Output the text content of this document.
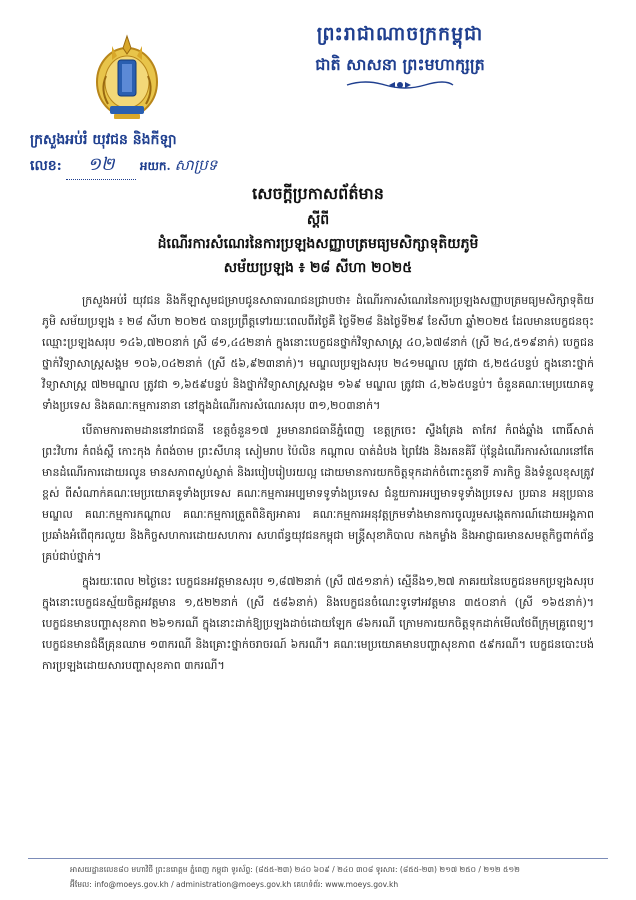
ព្រះរាជាណាចក្រកម្ពុជា
ជាតិ សាសនា ព្រះមហាក្សត្រ
ក្រសួងអប់រំ យុវជន និងកីឡា
លេខ:	១២	អយក. សាប្រទ
សេចក្តីប្រកាសព័ត៌មាន
ស្តីពី
ដំណើរការសំណេរនៃការប្រឡងសញ្ញាបត្រមធ្យមសិក្សាទុតិយភូមិ
សម័យប្រឡង ៖ ២៨ សីហា ២០២៥

ក្រសួងអប់រំ យុវជន និងកីឡាសូមជម្រាបជូនសាធារណជនជ្រាបថា៖ ដំណើរការសំណេរនៃការប្រឡងសញ្ញាបត្រមធ្យមសិក្សាទុតិយភូមិ សម័យប្រឡង ៖ ២៨ សីហា ២០២៥ បានប្រព្រឹត្តទៅរយៈពេលពីរថ្ងៃគឺ ថ្ងៃទី២៨ និងថ្ងៃទី២៩ ខែសីហា ឆ្នាំ២០២៥ ដែលមានបេក្ខជនចុះឈ្មោះប្រឡងសរុប ១៤៦,៧២០នាក់ ស្រី ៨១,៤៤២នាក់ ក្នុងនោះបេក្ខជនថ្នាក់វិទ្យាសាស្ត្រ ៤០,៦៧៨នាក់ (ស្រី ២៤,៥១៩នាក់) បេក្ខជនថ្នាក់វិទ្យាសាស្ត្រសង្គម ១០៦,០៤២នាក់ (ស្រី ៥៦,៩២៣នាក់)។ មណ្ឌលប្រឡងសរុប ២៤១មណ្ឌល ត្រូវជា ៥,២៥៤បន្ទប់ ក្នុងនោះថ្នាក់វិទ្យាសាស្ត្រ ៧២មណ្ឌល ត្រូវជា ១,៦៥៩បន្ទប់ និងថ្នាក់វិទ្យាសាស្ត្រសង្គម ១៦៩ មណ្ឌល ត្រូវជា ៤,២៦៥បន្ទប់។ ចំនួនគណៈមេប្រយោគទូទាំងប្រទេស និងគណៈកម្មការនានា នៅក្នុងដំណើរការសំណេរសរុប ៣១,២០៣នាក់។

បើតាមការតាមដាននៅរាជធានី ខេត្តចំនួន១៧ រួមមានរាជធានីភ្នំពេញ ខេត្តក្រចេះ ស្ទឹងត្រែង តាកែវ កំពង់ឆ្នាំង ពោធិ៍សាត់ ព្រះវិហារ កំពង់ស្ពឺ កោះកុង កំពង់ចាម ព្រះសីហនុ សៀមរាប ប៉ៃលិន កណ្តាល បាត់ដំបង ព្រៃវែង និងរតនគិរី ប៉ុន្តែដំណើរការសំណេរនៅតែមានដំណើរការដោយរលូន មានសភាពស្ងប់ស្ងាត់ និងរបៀបរៀបរយល្អ ដោយមានការយកចិត្តទុកដាក់ចំពោះតួនាទី ភារកិច្ច និងទំនួលខុសត្រូវខ្ពស់ ពីសំណាក់គណៈមេប្រយោគទូទាំងប្រទេស គណៈកម្មការអប្បមាទទូទាំងប្រទេស ជំនួយការអប្បមាទទូទាំងប្រទេស ប្រធាន អនុប្រធានមណ្ឌល គណៈកម្មការកណ្តាល គណៈកម្មការត្រួតពិនិត្យអាគារ គណៈកម្មការអនុវត្តក្រមទាំងមានការចូលរួមសង្កេតការណ៍ដោយអង្គភាពប្រឆាំងអំពើពុករលួយ និងកិច្ចសហការដោយសហការ សហព័ន្ធយុវជនកម្ពុជា មន្ត្រីសុខាភិបាល កងកម្លាំង និងអាជ្ញាធរមានសមត្ថកិច្ចពាក់ព័ន្ធគ្រប់ជាប់ថ្នាក់។

ក្នុងរយៈពេល ២ថ្ងៃនេះ បេក្ខជនអវត្តមានសរុប ១,៨៧២នាក់ (ស្រី ៧៥១នាក់) ស្មើនឹង១,២៧ ភាគរយនៃបេក្ខជនមកប្រឡងសរុប ក្នុងនោះបេក្ខជនស្ម័យចិត្តអវត្តមាន ១,៥២២នាក់ (ស្រី ៥៨៦នាក់) និងបេក្ខជនចំណេះទូទៅអវត្តមាន ៣៥០នាក់ (ស្រី ១៦៥នាក់)។ បេក្ខជនមានបញ្ហាសុខភាព ២៦១ករណី ក្នុងនោះដាក់ឱ្យប្រឡងដាច់ដោយឡែក ៨៦ករណី ក្រោមការយកចិត្តទុកដាក់មើលថែពីក្រុមគ្រូពេទ្យ។ បេក្ខជនមានជំងឺគ្រុនឈាម ១៣ករណី និងគ្រោះថ្នាក់ចរាចរណ៍ ៦ករណី។ គណៈមេប្រយោគមានបញ្ហាសុខភាព ៥៩ករណី។ បេក្ខជនបោះបង់ការប្រឡងដោយសារបញ្ហាសុខភាព ៣ករណី។

អាសយដ្ឋានលេខ៨០ មហាវិថី ព្រះនរោត្តម ភ្នំពេញ កម្ពុជា ទូរស័ព្ទ: (៨៥៥-២៣) ២៤០ ៦០៩ / ២៤០ ៣០៨ ទូរសារ: (៨៥៥-២៣) ២១៧ ២៥០ / ២១២ ៥១២
អ៊ីមែល: info@moeys.gov.kh / administration@moeys.gov.kh គេហទំព័រ: www.moeys.gov.kh
